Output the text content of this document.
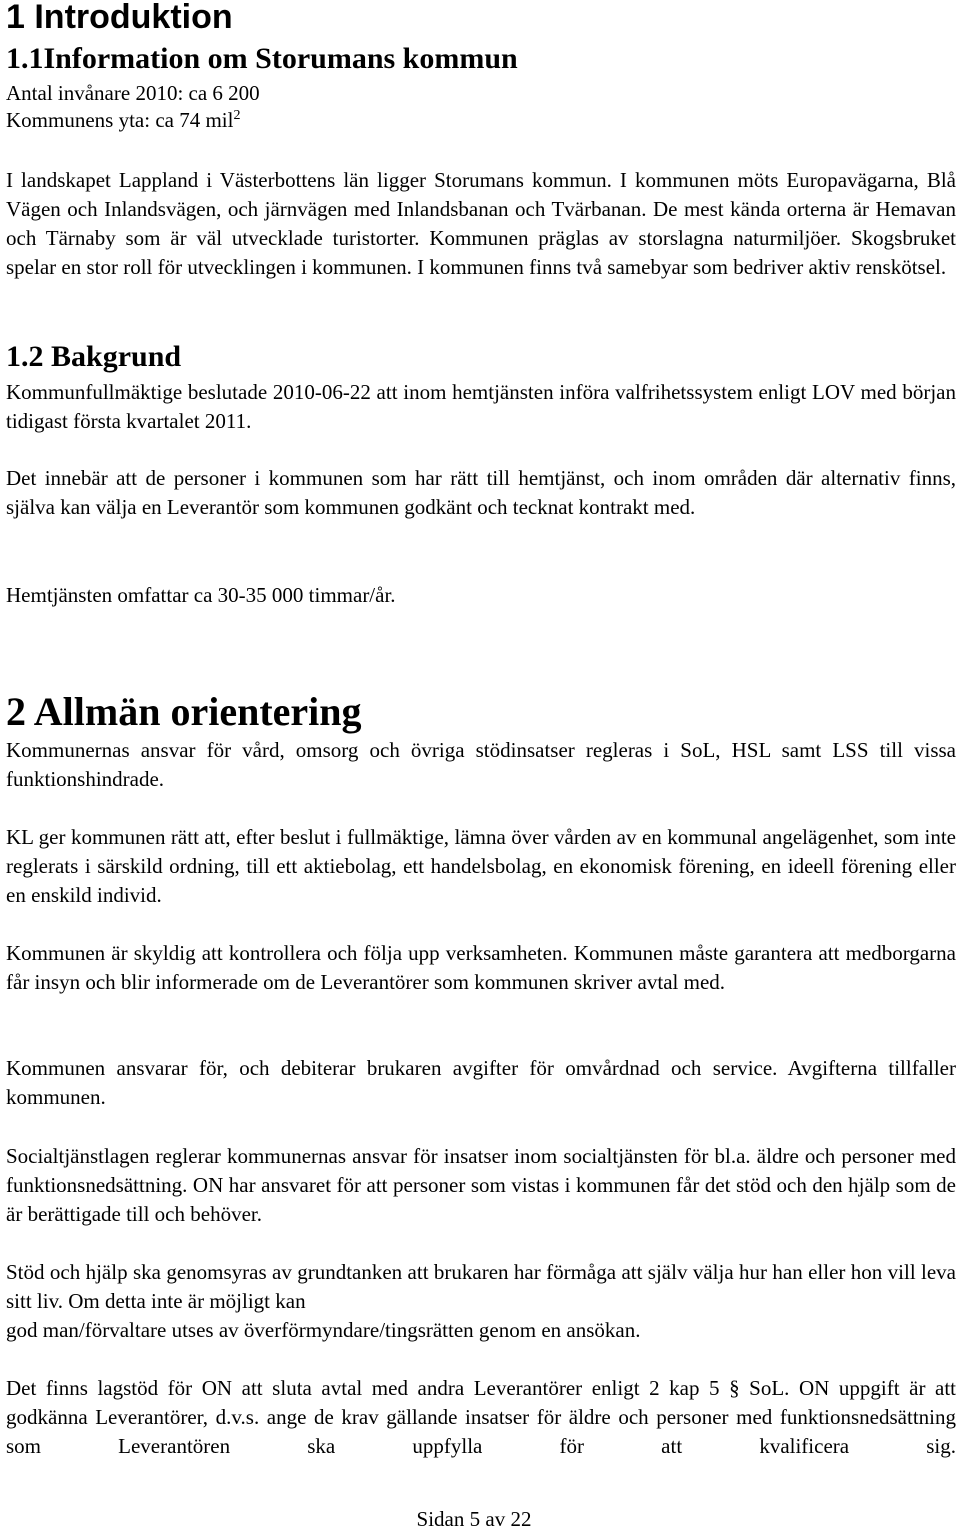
1 Introduktion
1.1Information om Storumans kommun
Antal invånare 2010: ca 6 200
Kommunens yta: ca 74 mil$^2$
I landskapet Lappland i Västerbottens län ligger Storumans kommun. I kommunen möts Europavägarna, Blå Vägen och Inlandsvägen, och järnvägen med Inlandsbanan och Tvärbanan. De mest kända orterna är Hemavan och Tärnaby som är väl utvecklade turistorter. Kommunen präglas av storslagna naturmiljöer. Skogsbruket spelar en stor roll för utvecklingen i kommunen. I kommunen finns två samebyar som bedriver aktiv renskötsel.
1.2 Bakgrund
Kommunfullmäktige beslutade 2010-06-22 att inom hemtjänsten införa valfrihetssystem enligt LOV med början tidigast första kvartalet 2011.
Det innebär att de personer i kommunen som har rätt till hemtjänst, och inom områden där alternativ finns, själva kan välja en Leverantör som kommunen godkänt och tecknat kontrakt med.
Hemtjänsten omfattar ca 30-35 000 timmar/år.
2 Allmän orientering
Kommunernas ansvar för vård, omsorg och övriga stödinsatser regleras i SoL, HSL samt LSS till vissa funktionshindrade.
KL ger kommunen rätt att, efter beslut i fullmäktige, lämna över vården av en kommunal angelägenhet, som inte reglerats i särskild ordning, till ett aktiebolag, ett handelsbolag, en ekonomisk förening, en ideell förening eller en enskild individ.
Kommunen är skyldig att kontrollera och följa upp verksamheten. Kommunen måste garantera att medborgarna får insyn och blir informerade om de Leverantörer som kommunen skriver avtal med.
Kommunen ansvarar för, och debiterar brukaren avgifter för omvårdnad och service. Avgifterna tillfaller kommunen.
Socialtjänstlagen reglerar kommunernas ansvar för insatser inom socialtjänsten för bl.a. äldre och personer med funktionsnedsättning. ON har ansvaret för att personer som vistas i kommunen får det stöd och den hjälp som de är berättigade till och behöver.
Stöd och hjälp ska genomsyras av grundtanken att brukaren har förmåga att själv välja hur han eller hon vill leva sitt liv. Om detta inte är möjligt kan
god man/förvaltare utses av överförmyndare/tingsrätten genom en ansökan.
Det finns lagstöd för ON att sluta avtal med andra Leverantörer enligt 2 kap 5 § SoL. ON uppgift är att godkänna Leverantörer, d.v.s. ange de krav gällande insatser för äldre och personer med funktionsnedsättning som Leverantören ska uppfylla för att kvalificera sig.
Sidan 5 av 22
